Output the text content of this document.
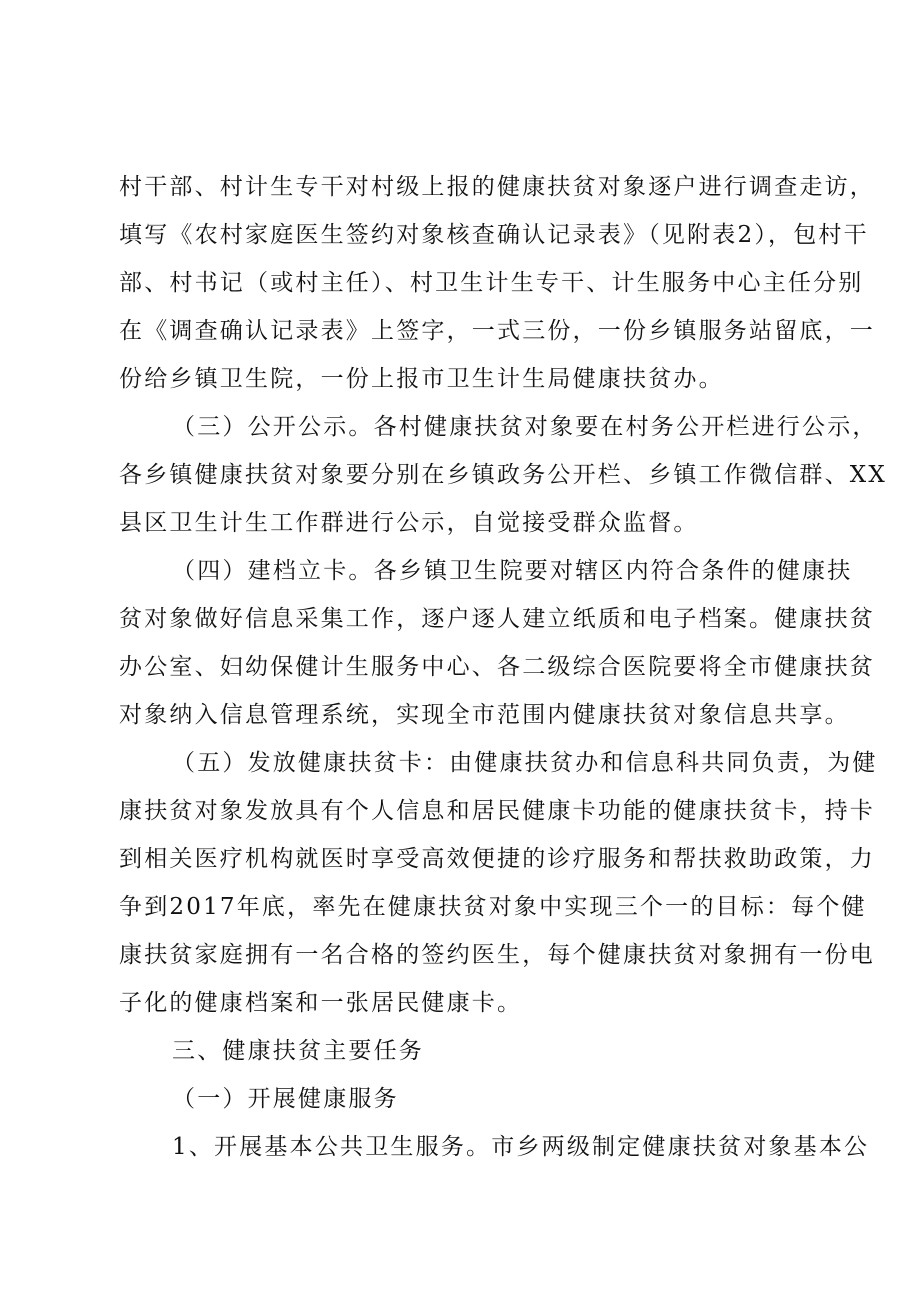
村干部、村计生专干对村级上报的健康扶贫对象逐户进行调查走访，
填写《农村家庭医生签约对象核查确认记录表》（见附表2），包村干
部、村书记（或村主任）、村卫生计生专干、计生服务中心主任分别
在《调查确认记录表》上签字，一式三份，一份乡镇服务站留底，一
份给乡镇卫生院，一份上报市卫生计生局健康扶贫办。
（三）公开公示。各村健康扶贫对象要在村务公开栏进行公示，
各乡镇健康扶贫对象要分别在乡镇政务公开栏、乡镇工作微信群、XX
县区卫生计生工作群进行公示，自觉接受群众监督。
（四）建档立卡。各乡镇卫生院要对辖区内符合条件的健康扶
贫对象做好信息采集工作，逐户逐人建立纸质和电子档案。健康扶贫
办公室、妇幼保健计生服务中心、各二级综合医院要将全市健康扶贫
对象纳入信息管理系统，实现全市范围内健康扶贫对象信息共享。
（五）发放健康扶贫卡：由健康扶贫办和信息科共同负责，为健
康扶贫对象发放具有个人信息和居民健康卡功能的健康扶贫卡，持卡
到相关医疗机构就医时享受高效便捷的诊疗服务和帮扶救助政策，力
争到2017年底，率先在健康扶贫对象中实现三个一的目标：每个健
康扶贫家庭拥有一名合格的签约医生，每个健康扶贫对象拥有一份电
子化的健康档案和一张居民健康卡。
三、健康扶贫主要任务
（一）开展健康服务
1、开展基本公共卫生服务。市乡两级制定健康扶贫对象基本公
